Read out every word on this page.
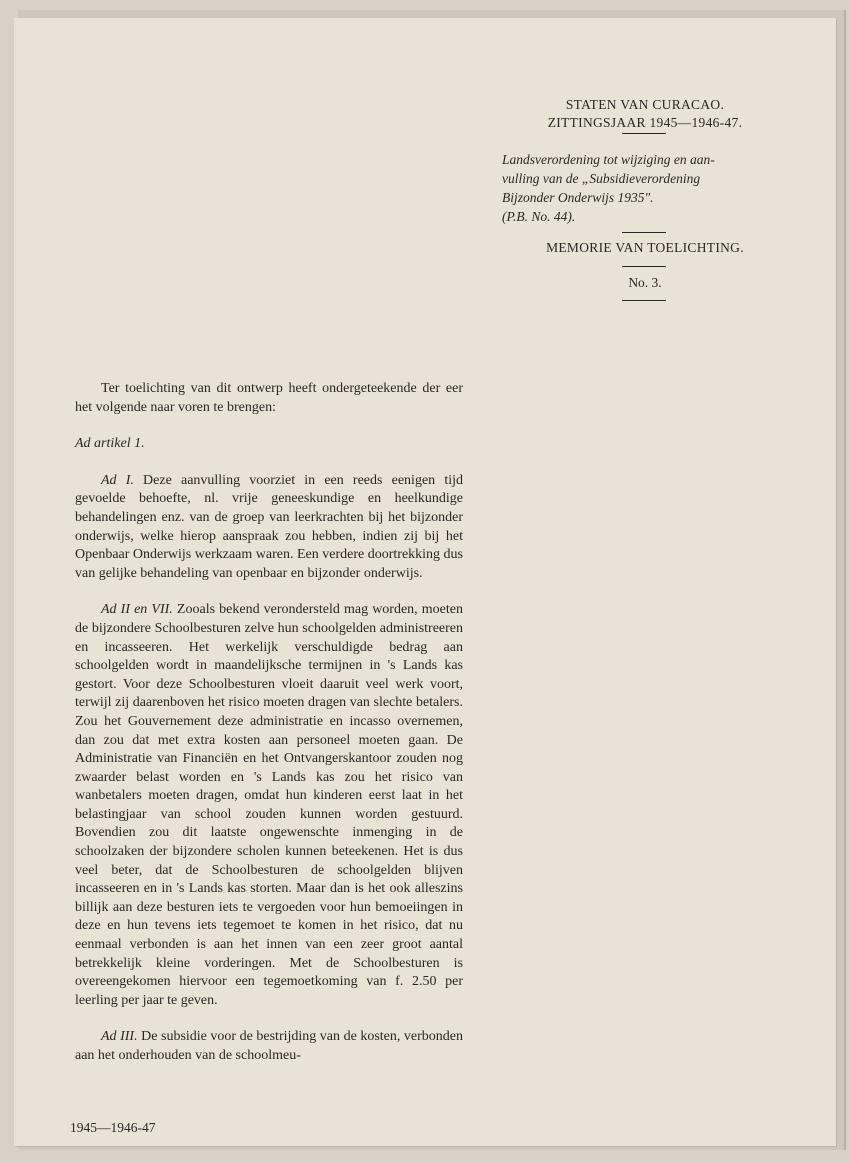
STATEN VAN CURACAO.
ZITTINGSJAAR 1945—1946-47.
Landsverordening tot wijziging en aan-
vulling van de „Subsidieverordening
Bijzonder Onderwijs 1935".
(P.B. No. 44).
MEMORIE VAN TOELICHTING.
No. 3.

Ter toelichting van dit ontwerp heeft ondergeteekende der eer het volgende naar voren te brengen:

Ad artikel 1.

Ad I. Deze aanvulling voorziet in een reeds eenigen tijd gevoelde behoefte, nl. vrije geneeskundige en heelkundige behandelingen enz. van de groep van leerkrachten bij het bijzonder onderwijs, welke hierop aanspraak zou hebben, indien zij bij het Openbaar Onderwijs werkzaam waren. Een verdere doortrekking dus van gelijke behandeling van openbaar en bijzonder onderwijs.

Ad II en VII. Zooals bekend verondersteld mag worden, moeten de bijzondere Schoolbesturen zelve hun schoolgelden administreeren en incasseeren. Het werkelijk verschuldigde bedrag aan schoolgelden wordt in maandelijksche termijnen in 's Lands kas gestort. Voor deze Schoolbesturen vloeit daaruit veel werk voort, terwijl zij daarenboven het risico moeten dragen van slechte betalers. Zou het Gouvernement deze administratie en incasso overnemen, dan zou dat met extra kosten aan personeel moeten gaan. De Administratie van Financiën en het Ontvangerskantoor zouden nog zwaarder belast worden en 's Lands kas zou het risico van wanbetalers moeten dragen, omdat hun kinderen eerst laat in het belastingjaar van school zouden kunnen worden gestuurd. Bovendien zou dit laatste ongewenschte inmenging in de schoolzaken der bijzondere scholen kunnen beteekenen. Het is dus veel beter, dat de Schoolbesturen de schoolgelden blijven incasseeren en in 's Lands kas storten. Maar dan is het ook alleszins billijk aan deze besturen iets te vergoeden voor hun bemoeiingen in deze en hun tevens iets tegemoet te komen in het risico, dat nu eenmaal verbonden is aan het innen van een zeer groot aantal betrekkelijk kleine vorderingen. Met de Schoolbesturen is overeengekomen hiervoor een tegemoetkoming van f. 2.50 per leerling per jaar te geven.

Ad III. De subsidie voor de bestrijding van de kosten, verbonden aan het onderhouden van de schoolmeu-

1945—1946-47
